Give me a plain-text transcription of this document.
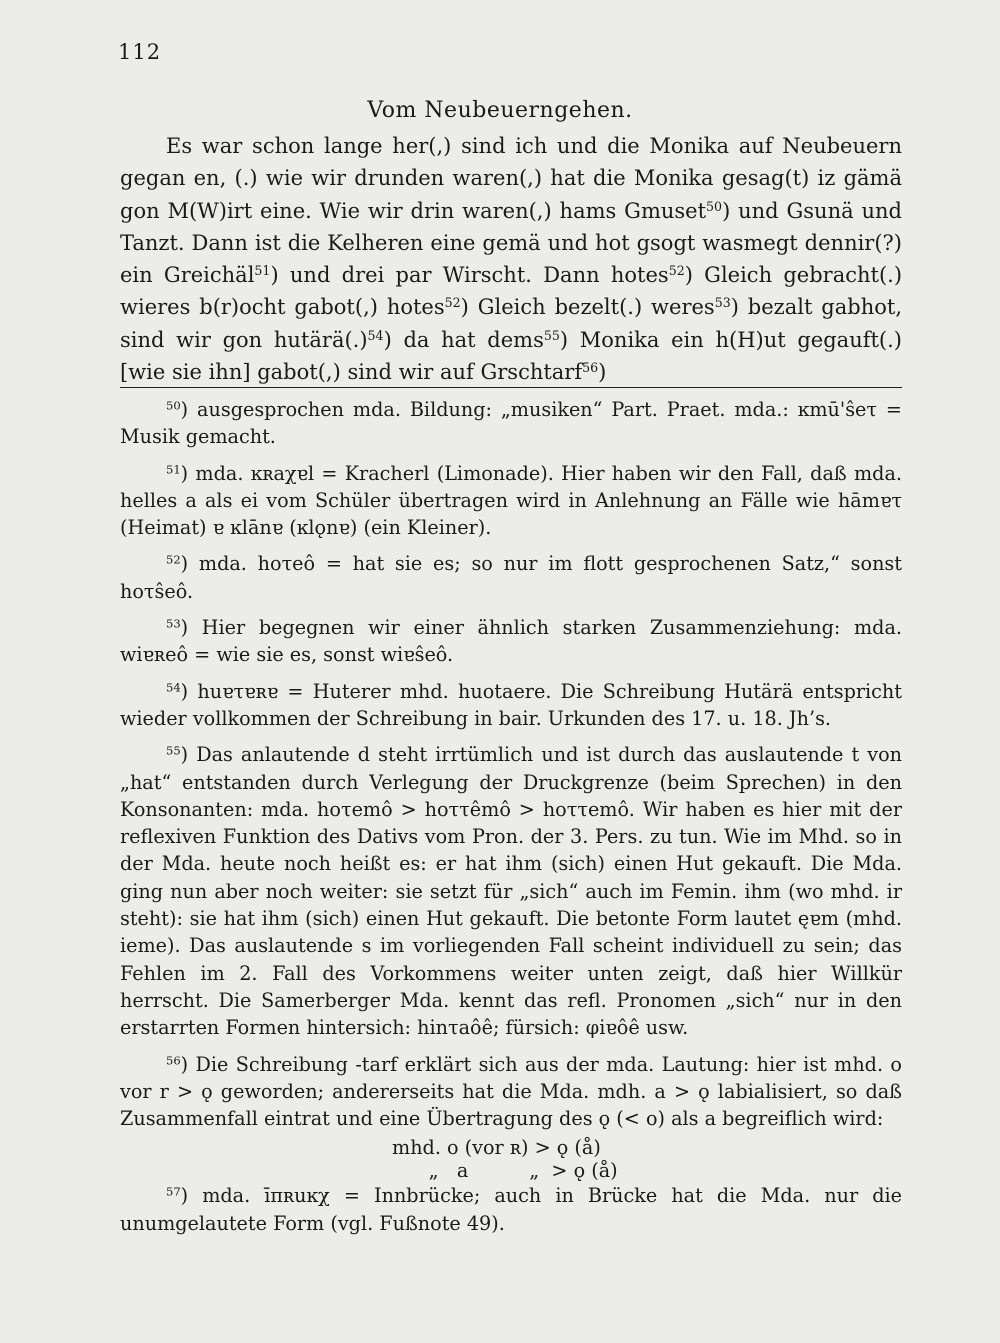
112
Vom Neubeuerngehen.

Es war schon lange her(,) sind ich und die Monika auf Neubeuern gegan en, (.) wie wir drunden waren(,) hat die Monika gesag(t) iz gämä gon M(W)irt eine. Wie wir drin waren(,) hams Gmuset$^{50}$) und Gsunä und Tanzt. Dann ist die Kelheren eine gemä und hot gsogt wasmegt dennir(?) ein Greichäl$^{51}$) und drei par Wirscht. Dann hotes$^{52}$) Gleich gebracht(.) wieres b(r)ocht gabot(,) hotes$^{52}$) Gleich bezelt(.) weres$^{53}$) bezalt gabhot, sind wir gon hutärä(.)$^{54}$) da hat dems$^{55}$) Monika ein h(H)ut gegauft(.) [wie sie ihn] gabot(,) sind wir auf Grschtarf$^{56}$)

$^{50}$) ausgesprochen mda. Bildung: „musiken“ Part. Praet. mda.: ĸmū'ŝeτ = Musik gemacht.

$^{51}$) mda. ĸʀaχɐl = Kracherl (Limonade). Hier haben wir den Fall, daß mda. helles a als ei vom Schüler übertragen wird in Anlehnung an Fälle wie hāmɐτ (Heimat) ɐ ĸlānɐ (ĸlǫnɐ) (ein Kleiner).

$^{52}$) mda. hoτeô = hat sie es; so nur im flott gesprochenen Satz,“ sonst hoτŝeô.

$^{53}$) Hier begegnen wir einer ähnlich starken Zusammenziehung: mda. wiɐʀeô = wie sie es, sonst wiɐŝeô.

$^{54}$) huɐτɐʀɐ = Huterer mhd. huotaere. Die Schreibung Hutärä entspricht wieder vollkommen der Schreibung in bair. Urkunden des 17. u. 18. Jh’s.

$^{55}$) Das anlautende d steht irrtümlich und ist durch das auslautende t von „hat“ entstanden durch Verlegung der Druckgrenze (beim Sprechen) in den Konsonanten: mda. hoτemô > hoττêmô > hoττemô. Wir haben es hier mit der reflexiven Funktion des Dativs vom Pron. der 3. Pers. zu tun. Wie im Mhd. so in der Mda. heute noch heißt es: er hat ihm (sich) einen Hut gekauft. Die Mda. ging nun aber noch weiter: sie setzt für „sich“ auch im Femin. ihm (wo mhd. ir steht): sie hat ihm (sich) einen Hut gekauft. Die betonte Form lautet ęɐm (mhd. ieme). Das auslautende s im vorliegenden Fall scheint individuell zu sein; das Fehlen im 2. Fall des Vorkommens weiter unten zeigt, daß hier Willkür herrscht. Die Samerberger Mda. kennt das refl. Pronomen „sich“ nur in den erstarrten Formen hintersich: hinτaôê; fürsich: φiɐôê usw.

$^{56}$) Die Schreibung -tarf erklärt sich aus der mda. Lautung: hier ist mhd. o vor r > ǫ geworden; andererseits hat die Mda. mdh. a > ǫ labialisiert, so daß Zusammenfall eintrat und eine Übertragung des ǫ (< o) als a begreiflich wird:

mhd. o (vor ʀ) > ǫ (å)
„   a          „  > ǫ (å)

$^{57}$) mda. īπʀuĸχ = Innbrücke; auch in Brücke hat die Mda. nur die unumgelautete Form (vgl. Fußnote 49).
